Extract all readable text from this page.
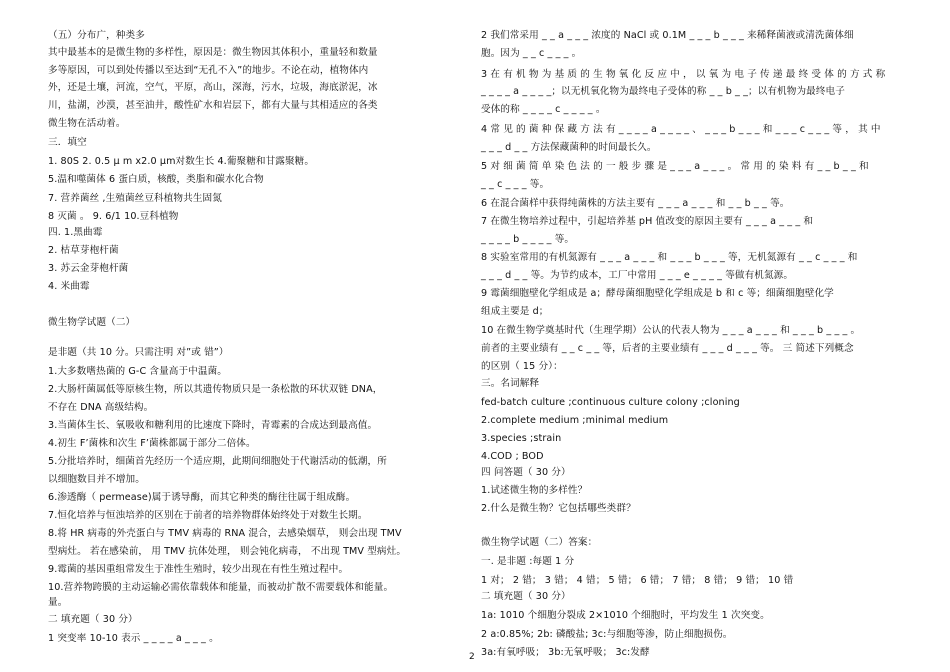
（五）分布广，种类多
其中最基本的是微生物的多样性，原因是：微生物因其体积小，重量轻和数量
多等原因，可以到处传播以至达到“无孔不入”的地步。不论在动，植物体内
外，还是土壤，河流，空气，平原，高山，深海，污水，垃圾，海底淤泥，冰
川，盐湖，沙漠，甚至油井，酸性矿水和岩层下，都有大量与其相适应的各类
微生物在活动着。
三．填空
1. 80S 2. 0.5 μ m x2.0 μm对数生长 4.葡聚糖和甘露聚糖。
5.温和噬菌体 6 蛋白质，核酸，类脂和碳水化合物
7. 营养菌丝 ,生殖菌丝豆科植物共生固氮
8 灭菌 。 9. 6/1 10.豆科植物
四. 1.黑曲霉
2. 枯草芽枹杆菌
3. 苏云金芽枹杆菌
4. 米曲霉
微生物学试题（二）
是非题（共 10 分。只需注明 对”或 错”）
1.大多数嗜热菌的 G-C 含量高于中温菌。
2.大肠杆菌属低等原核生物，所以其遗传物质只是一条松散的环状双链 DNA，
不存在 DNA 高级结构。
3.当菌体生长、氧吸收和糖利用的比速度下降时，青霉素的合成达到最高值。
4.初生 F’菌株和次生 F’菌株都属于部分二倍体。
5.分批培养时，细菌首先经历一个适应期，此期间细胞处于代谢活动的低潮，所
以细胞数目并不增加。
6.渗透酶（ permease)属于诱导酶，而其它种类的酶往往属于组成酶。
7.恒化培养与恒浊培养的区别在于前者的培养物群体始终处于对数生长期。
8.将 HR 病毒的外壳蛋白与 TMV 病毒的 RNA 混合，去感染烟草， 则会出现 TMV
型病灶。 若在感染前， 用 TMV 抗体处理， 则会钝化病毒， 不出现 TMV 型病灶。
9.霉菌的基因重组常发生于准性生殖时，较少出现在有性生殖过程中。
10.营养物跨膜的主动运输必需依靠载体和能量，而被动扩散不需要载体和能量。
量。
二 填充题（ 30 分）
1 突变率 10-10 表示 _ _ _ _ a _ _ _ 。
2 我们常采用 _ _ a _ _ _ 浓度的 NaCl 或 0.1M _ _ _ b _ _ _ 来稀释菌液或清洗菌体细
胞。因为 _ _ c _ _ _ 。
3 在 有 机 物 为 基 质 的 生 物 氧 化 反 应 中 ， 以 氧 为 电 子 传 递 最 终 受 体 的 方 式 称
_ _ _ _ a _ _ _ _；以无机氧化物为最终电子受体的称 _ _ b _ _；以有机物为最终电子
受体的称 _ _ _ _ c _ _ _ _ 。
4 常 见 的 菌 种 保 藏 方 法 有 _ _ _ _ a _ _ _ _ 、 _ _ _ b _ _ _ 和 _ _ _ c _ _ _ 等 ， 其 中
_ _ _ d _ _ 方法保藏菌种的时间最长久。
5 对 细 菌 简 单 染 色 法 的 一 般 步 骤 是 _ _ _ a _ _ _ 。 常 用 的 染 料 有 _ _ b _ _ 和
_ _ c _ _ _ 等。
6 在混合菌样中获得纯菌株的方法主要有 _ _ _ a _ _ _ 和 _ _ b _ _ 等。
7 在微生物培养过程中，引起培养基 pH 值改变的原因主要有 _ _ _ a _ _ _ 和
_ _ _ _ b _ _ _ _ 等。
8 实验室常用的有机氮源有 _ _ _ a _ _ _ 和 _ _ _ b _ _ _ 等，无机氮源有 _ _ c _ _ _ 和
_ _ _ d _ _ 等。为节约成本，工厂中常用 _ _ _ e _ _ _ _ 等做有机氮源。
9 霉菌细胞壁化学组成是 a；酵母菌细胞壁化学组成是 b 和 c 等；细菌细胞壁化学
组成主要是 d；
10 在微生物学奠基时代（生理学期）公认的代表人物为 _ _ _ a _ _ _ 和 _ _ _ b _ _ _ 。
前者的主要业绩有 _ _ c _ _ 等，后者的主要业绩有 _ _ _ d _ _ _ 等。 三 简述下列概念
的区别（ 15 分）：
三。名词解释
fed-batch culture ;continuous culture colony ;cloning
2.complete medium ;minimal medium
3.species ;strain
4.COD ; BOD
四 问答题（ 30 分）
1.试述微生物的多样性？
2.什么是微生物？它包括哪些类群？
微生物学试题（二）答案：
一. 是非题 :每题 1 分
1 对； 2 错； 3 错； 4 错； 5 错； 6 错； 7 错； 8 错； 9 错； 10 错
二 填充题（ 30 分）
1a: 1010 个细胞分裂成 2×1010 个细胞时，平均发生 1 次突变。
2 a:0.85%; 2b: 磷酸盐; 3c:与细胞等渗，防止细胞损伤。
3a:有氧呼吸； 3b:无氧呼吸； 3c:发酵
2
